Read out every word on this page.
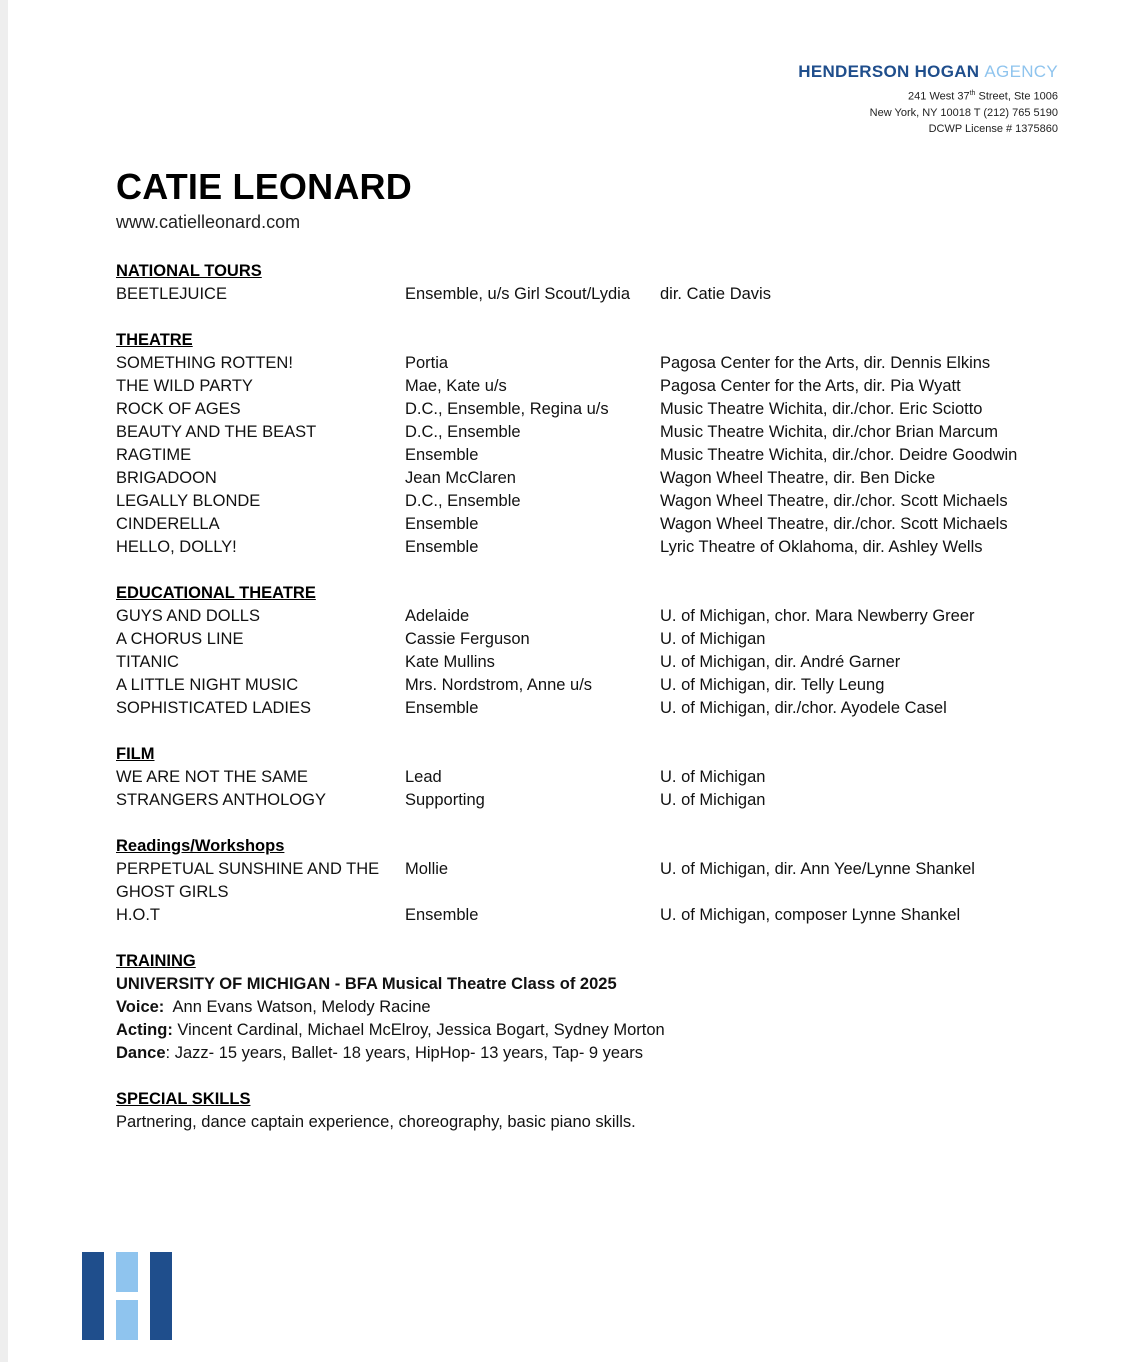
HENDERSON HOGAN AGENCY
241 West 37th Street, Ste 1006
New York, NY 10018 T (212) 765 5190
DCWP License # 1375860
CATIE LEONARD
www.catielleonard.com
NATIONAL TOURS
BEETLEJUICE	Ensemble, u/s Girl Scout/Lydia	dir. Catie Davis
THEATRE
SOMETHING ROTTEN!	Portia	Pagosa Center for the Arts, dir. Dennis Elkins
THE WILD PARTY	Mae, Kate u/s	Pagosa Center for the Arts, dir. Pia Wyatt
ROCK OF AGES	D.C., Ensemble, Regina u/s	Music Theatre Wichita, dir./chor. Eric Sciotto
BEAUTY AND THE BEAST	D.C., Ensemble	Music Theatre Wichita, dir./chor Brian Marcum
RAGTIME	Ensemble	Music Theatre Wichita, dir./chor. Deidre Goodwin
BRIGADOON	Jean McClaren	Wagon Wheel Theatre, dir. Ben Dicke
LEGALLY BLONDE	D.C., Ensemble	Wagon Wheel Theatre, dir./chor. Scott Michaels
CINDERELLA	Ensemble	Wagon Wheel Theatre, dir./chor. Scott Michaels
HELLO, DOLLY!	Ensemble	Lyric Theatre of Oklahoma, dir. Ashley Wells
EDUCATIONAL THEATRE
GUYS AND DOLLS	Adelaide	U. of Michigan, chor. Mara Newberry Greer
A CHORUS LINE	Cassie Ferguson	U. of Michigan
TITANIC	Kate Mullins	U. of Michigan, dir. André Garner
A LITTLE NIGHT MUSIC	Mrs. Nordstrom, Anne u/s	U. of Michigan, dir. Telly Leung
SOPHISTICATED LADIES	Ensemble	U. of Michigan, dir./chor. Ayodele Casel
FILM
WE ARE NOT THE SAME	Lead	U. of Michigan
STRANGERS ANTHOLOGY	Supporting	U. of Michigan
Readings/Workshops
PERPETUAL SUNSHINE AND THE	Mollie	U. of Michigan, dir. Ann Yee/Lynne Shankel
GHOST GIRLS
H.O.T	Ensemble	U. of Michigan, composer Lynne Shankel
TRAINING
UNIVERSITY OF MICHIGAN - BFA Musical Theatre Class of 2025
Voice:  Ann Evans Watson, Melody Racine
Acting: Vincent Cardinal, Michael McElroy, Jessica Bogart, Sydney Morton
Dance: Jazz- 15 years, Ballet- 18 years, HipHop- 13 years, Tap- 9 years
SPECIAL SKILLS
Partnering, dance captain experience, choreography, basic piano skills.
